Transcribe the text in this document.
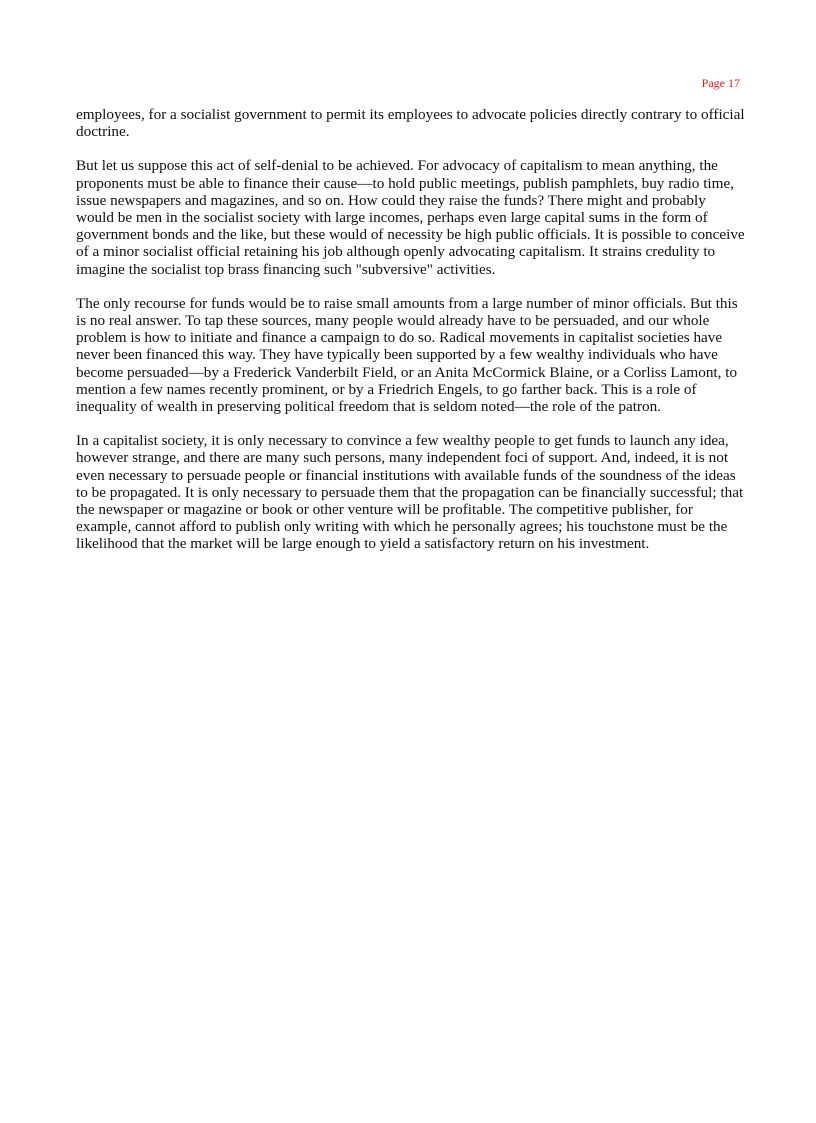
Page 17

employees, for a socialist government to permit its employees to advocate policies directly contrary to official doctrine.

But let us suppose this act of self-denial to be achieved. For advocacy of capitalism to mean anything, the proponents must be able to finance their cause—to hold public meetings, publish pamphlets, buy radio time, issue newspapers and magazines, and so on. How could they raise the funds? There might and probably would be men in the socialist society with large incomes, perhaps even large capital sums in the form of government bonds and the like, but these would of necessity be high public officials. It is possible to conceive of a minor socialist official retaining his job although openly advocating capitalism. It strains credulity to imagine the socialist top brass financing such "subversive" activities.

The only recourse for funds would be to raise small amounts from a large number of minor officials. But this is no real answer. To tap these sources, many people would already have to be persuaded, and our whole problem is how to initiate and finance a campaign to do so. Radical movements in capitalist societies have never been financed this way. They have typically been supported by a few wealthy individuals who have become persuaded—by a Frederick Vanderbilt Field, or an Anita McCormick Blaine, or a Corliss Lamont, to mention a few names recently prominent, or by a Friedrich Engels, to go farther back. This is a role of inequality of wealth in preserving political freedom that is seldom noted—the role of the patron.

In a capitalist society, it is only necessary to convince a few wealthy people to get funds to launch any idea, however strange, and there are many such persons, many independent foci of support. And, indeed, it is not even necessary to persuade people or financial institutions with available funds of the soundness of the ideas to be propagated. It is only necessary to persuade them that the propagation can be financially successful; that the newspaper or magazine or book or other venture will be profitable. The competitive publisher, for example, cannot afford to publish only writing with which he personally agrees; his touchstone must be the likelihood that the market will be large enough to yield a satisfactory return on his investment.
